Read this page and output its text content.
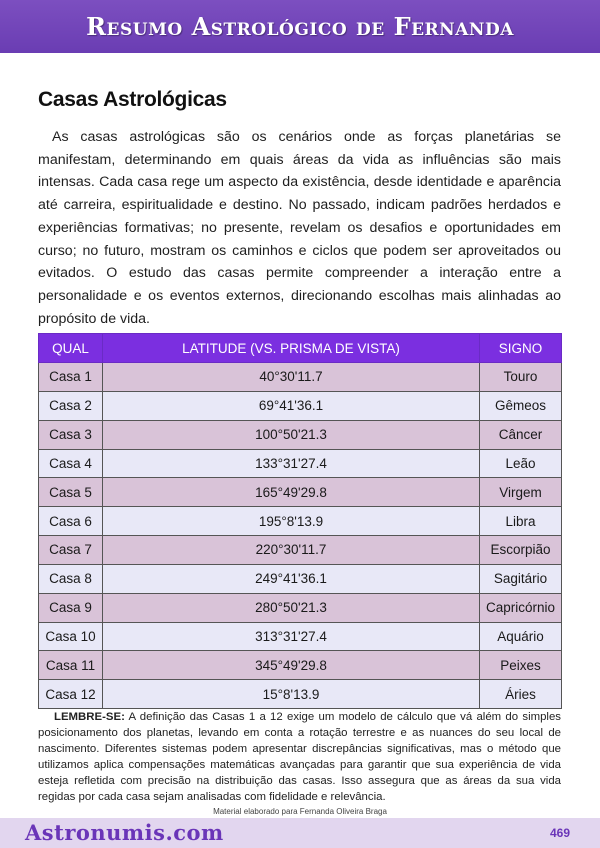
Resumo Astrológico de Fernanda
Casas Astrológicas

As casas astrológicas são os cenários onde as forças planetárias se manifestam, determinando em quais áreas da vida as influências são mais intensas. Cada casa rege um aspecto da existência, desde identidade e aparência até carreira, espiritualidade e destino. No passado, indicam padrões herdados e experiências formativas; no presente, revelam os desafios e oportunidades em curso; no futuro, mostram os caminhos e ciclos que podem ser aproveitados ou evitados. O estudo das casas permite compreender a interação entre a personalidade e os eventos externos, direcionando escolhas mais alinhadas ao propósito de vida.

QUAL	LATITUDE (VS. PRISMA DE VISTA)	SIGNO
Casa 1	40°30'11.7	Touro
Casa 2	69°41'36.1	Gêmeos
Casa 3	100°50'21.3	Câncer
Casa 4	133°31'27.4	Leão
Casa 5	165°49'29.8	Virgem
Casa 6	195°8'13.9	Libra
Casa 7	220°30'11.7	Escorpião
Casa 8	249°41'36.1	Sagitário
Casa 9	280°50'21.3	Capricórnio
Casa 10	313°31'27.4	Aquário
Casa 11	345°49'29.8	Peixes
Casa 12	15°8'13.9	Áries

LEMBRE-SE: A definição das Casas 1 a 12 exige um modelo de cálculo que vá além do simples posicionamento dos planetas, levando em conta a rotação terrestre e as nuances do seu local de nascimento. Diferentes sistemas podem apresentar discrepâncias significativas, mas o método que utilizamos aplica compensações matemáticas avançadas para garantir que sua experiência de vida esteja refletida com precisão na distribuição das casas. Isso assegura que as áreas da sua vida regidas por cada casa sejam analisadas com fidelidade e relevância.

Material elaborado para Fernanda Oliveira Braga
Astronumis.com	469
